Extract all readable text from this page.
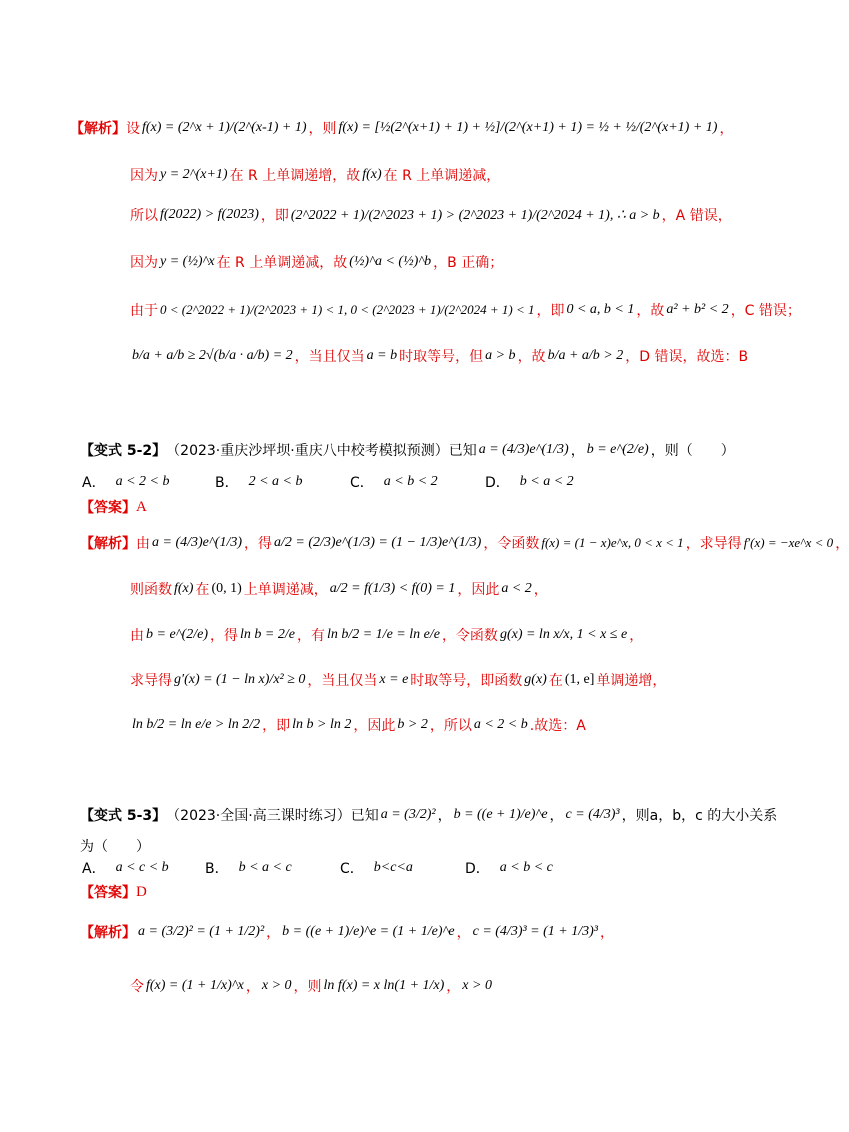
【解析】 设 f(x) = (2^x + 1)/(2^(x-1) + 1) ，则 f(x) = [½(2^(x+1) + 1) + ½]/(2^(x+1) + 1) = ½ + ½/(2^(x+1) + 1) ，
因为 y = 2^(x+1) 在 R 上单调递增，故 f(x) 在 R 上单调递减，
所以 f(2022) > f(2023) ，即 (2^2022 + 1)/(2^2023 + 1) > (2^2023 + 1)/(2^2024 + 1), ∴ a > b ，A 错误，
因为 y = (½)^x 在 R 上单调递减，故 (½)^a < (½)^b ，B 正确；
由于 0 < (2^2022 + 1)/(2^2023 + 1) < 1, 0 < (2^2023 + 1)/(2^2024 + 1) < 1 ，即 0 < a, b < 1 ，故 a² + b² < 2 ，C 错误；
b/a + a/b ≥ 2√(b/a · a/b) = 2 ，当且仅当 a = b 时取等号，但 a > b ，故 b/a + a/b > 2 ，D 错误，故选：B
【变式 5-2】 （2023·重庆沙坪坝·重庆八中校考模拟预测）已知 a = (4/3)e^(1/3) ， b = e^(2/e) ，则（　　）
A． a < 2 < b	B． 2 < a < b	C． a < b < 2	D． b < a < 2
【答案】 A
【解析】 由 a = (4/3)e^(1/3) ，得 a/2 = (2/3)e^(1/3) = (1 − 1/3)e^(1/3) ，令函数 f(x) = (1 − x)e^x, 0 < x < 1 ，求导得 f′(x) = −xe^x < 0 ，
则函数 f(x) 在 (0, 1) 上单调递减， a/2 = f(1/3) < f(0) = 1 ，因此 a < 2 ，
由 b = e^(2/e) ，得 ln b = 2/e ，有 ln b/2 = 1/e = ln e/e ，令函数 g(x) = ln x/x, 1 < x ≤ e ，
求导得 g′(x) = (1 − ln x)/x² ≥ 0 ，当且仅当 x = e 时取等号，即函数 g(x) 在 (1, e] 单调递增，
ln b/2 = ln e/e > ln 2/2 ，即 ln b > ln 2 ，因此 b > 2 ，所以 a < 2 < b .故选：A
【变式 5-3】 （2023·全国·高三课时练习）已知 a = (3/2)² ， b = ((e + 1)/e)^e ， c = (4/3)³ ，则a，b，c 的大小关系
为（　　）
A． a < c < b	B． b < a < c	C． b<c<a	D． a < b < c
【答案】 D
【解析】 a = (3/2)² = (1 + 1/2)² ， b = ((e + 1)/e)^e = (1 + 1/e)^e ， c = (4/3)³ = (1 + 1/3)³ ，
令 f(x) = (1 + 1/x)^x ， x > 0 ，则 ln f(x) = x ln(1 + 1/x) ， x > 0
